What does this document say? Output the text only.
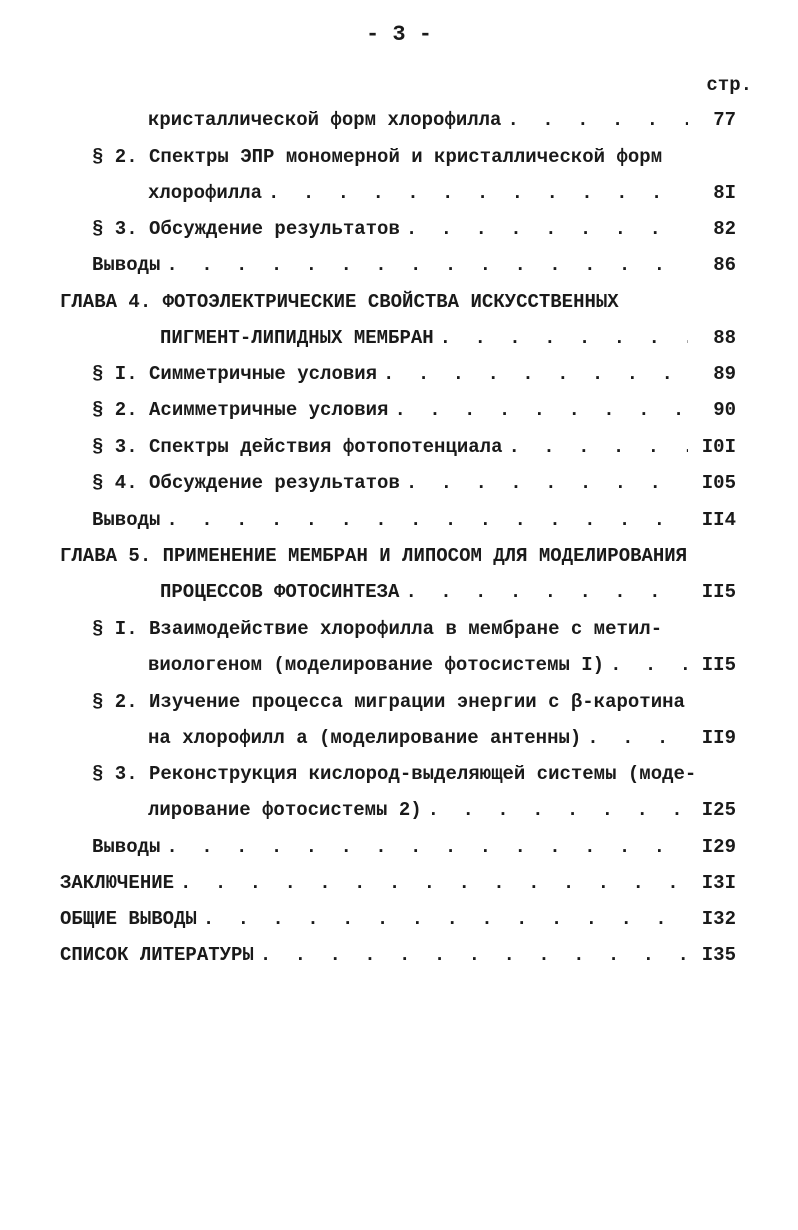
- 3 -
стр.
кристаллической форм хлорофилла . . .	77
§ 2. Спектры ЭПР мономерной и кристаллической форм
хлорофилла . . .	8I
§ 3. Обсуждение результатов . . .	82
Выводы . . .	86
ГЛАВА 4. ФОТОЭЛЕКТРИЧЕСКИЕ СВОЙСТВА ИСКУССТВЕННЫХ
ПИГМЕНТ-ЛИПИДНЫХ МЕМБРАН . . .	88
§ I. Симметричные условия . . .	89
§ 2. Асимметричные условия . . .	90
§ 3. Спектры действия фотопотенциала . . .	I0I
§ 4. Обсуждение результатов . . .	I05
Выводы . . .	II4
ГЛАВА 5. ПРИМЕНЕНИЕ МЕМБРАН И ЛИПОСОМ ДЛЯ МОДЕЛИРОВАНИЯ
ПРОЦЕССОВ ФОТОСИНТЕЗА . . .	II5
§ I. Взаимодействие хлорофилла в мембране с метил-
виологеном (моделирование фотосистемы I) . . .	II5
§ 2. Изучение процесса миграции энергии с β-каротина
на хлорофилл а (моделирование антенны) . . .	II9
§ 3. Реконструкция кислород-выделяющей системы (моде-
лирование фотосистемы 2) . . .	I25
Выводы . . .	I29
ЗАКЛЮЧЕНИЕ . . .	I3I
ОБЩИЕ ВЫВОДЫ . . .	I32
СПИСОК ЛИТЕРАТУРЫ . . .	I35
